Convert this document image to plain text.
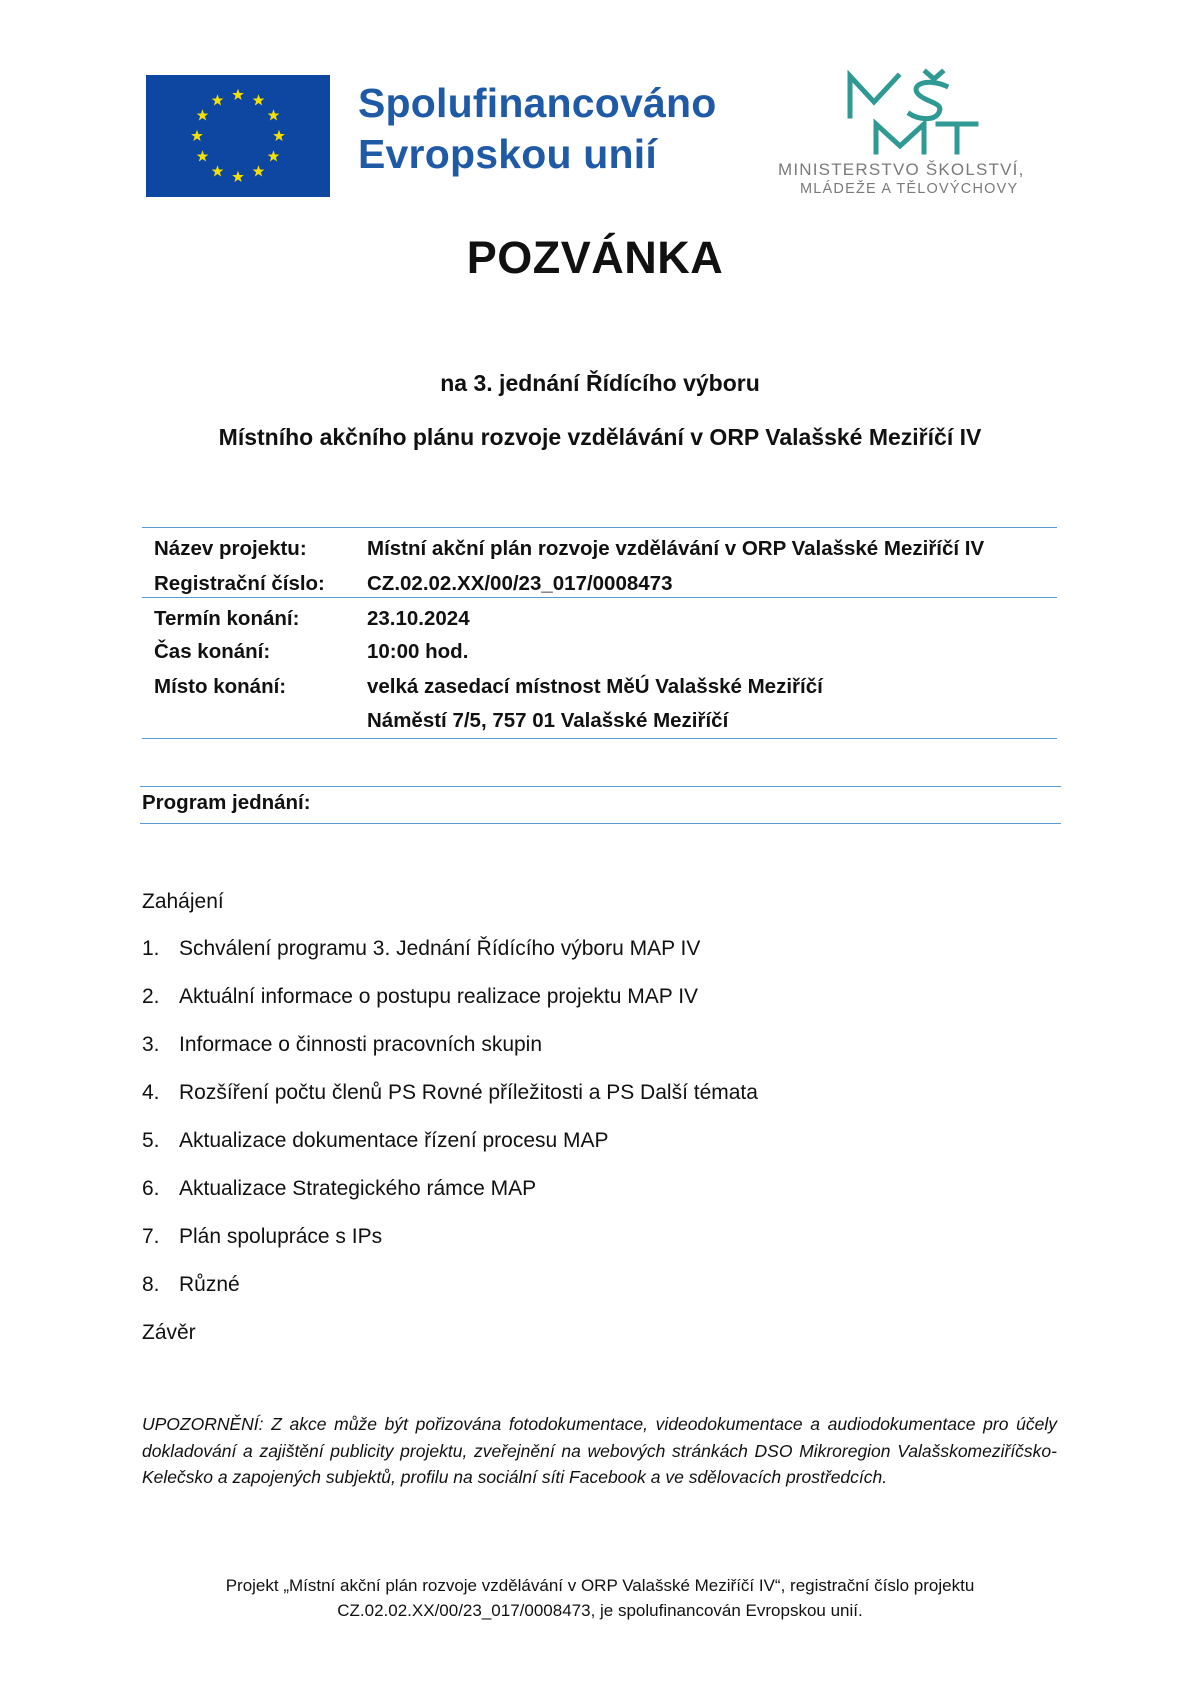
Spolufinancováno
Evropskou unií	MINISTERSTVO ŠKOLSTVÍ,
MLÁDEŽE A TĚLOVÝCHOVY
POZVÁNKA
na 3. jednání Řídícího výboru
Místního akčního plánu rozvoje vzdělávání v ORP Valašské Meziříčí IV
Název projektu:	Místní akční plán rozvoje vzdělávání v ORP Valašské Meziříčí IV
Registrační číslo: CZ.02.02.XX/00/23_017/0008473
Termín konání:	23.10.2024
Čas konání:	10:00 hod.
Místo konání:	velká zasedací místnost MěÚ Valašské Meziříčí
Náměstí 7/5, 757 01 Valašské Meziříčí
Program jednání:
Zahájení
1. Schválení programu 3. Jednání Řídícího výboru MAP IV
2. Aktuální informace o postupu realizace projektu MAP IV
3. Informace o činnosti pracovních skupin
4. Rozšíření počtu členů PS Rovné příležitosti a PS Další témata
5. Aktualizace dokumentace řízení procesu MAP
6. Aktualizace Strategického rámce MAP
7. Plán spolupráce s IPs
8. Různé
Závěr
UPOZORNĚNÍ: Z akce může být pořizována fotodokumentace, videodokumentace a audiodokumentace pro účely dokladování a zajištění publicity projektu, zveřejnění na webových stránkách DSO Mikroregion Valašskomeziříčsko-Kelečsko a zapojených subjektů, profilu na sociální síti Facebook a ve sdělovacích prostředcích.
Projekt „Místní akční plán rozvoje vzdělávání v ORP Valašské Meziříčí IV“, registrační číslo projektu
CZ.02.02.XX/00/23_017/0008473, je spolufinancován Evropskou unií.
